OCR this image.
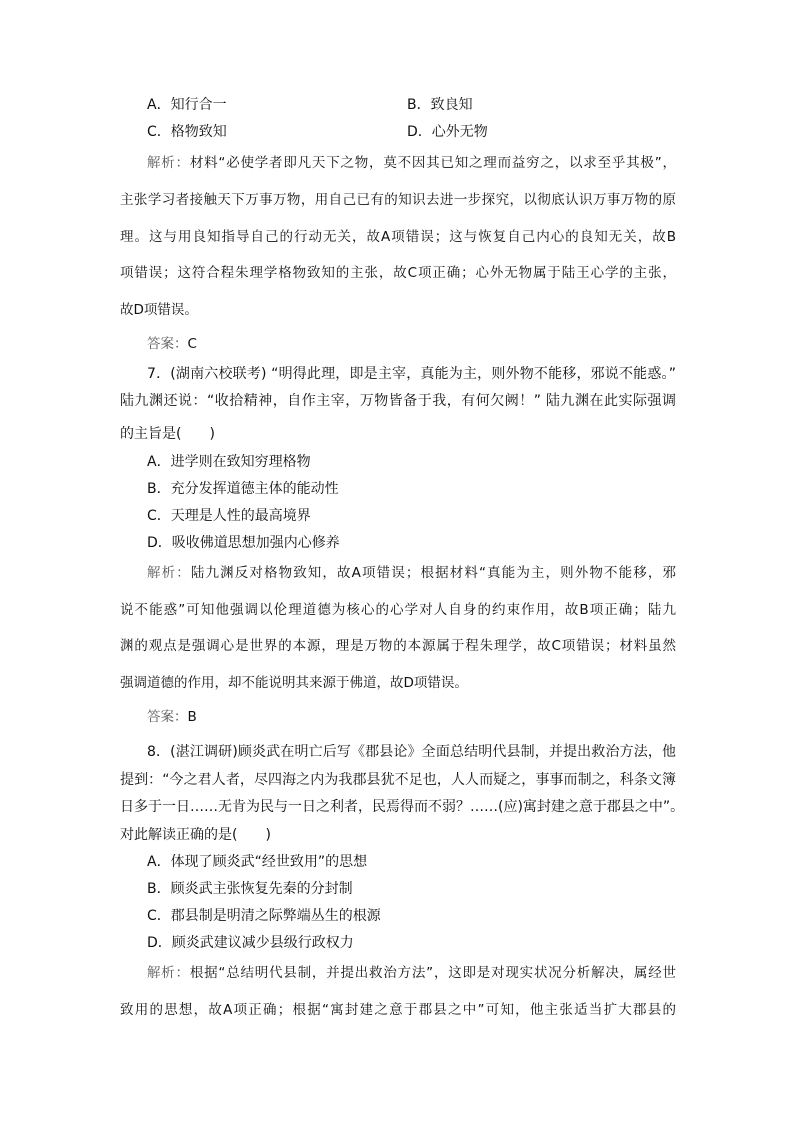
A．知行合一	B．致良知
C．格物致知	D．心外无物
解析：材料“必使学者即凡天下之物，莫不因其已知之理而益穷之，以求至乎其极”，
主张学习者接触天下万事万物，用自己已有的知识去进一步探究，以彻底认识万事万物的原
理。这与用良知指导自己的行动无关，故A项错误；这与恢复自己内心的良知无关，故B
项错误；这符合程朱理学格物致知的主张，故C项正确；心外无物属于陆王心学的主张，
故D项错误。
答案：C
7．(湖南六校联考) “明得此理，即是主宰，真能为主，则外物不能移，邪说不能惑。”
陆九渊还说：“收拾精神，自作主宰，万物皆备于我，有何欠阙！” 陆九渊在此实际强调
的主旨是(　　)
A．进学则在致知穷理格物
B．充分发挥道德主体的能动性
C．天理是人性的最高境界
D．吸收佛道思想加强内心修养
解析：陆九渊反对格物致知，故A项错误；根据材料“真能为主，则外物不能移，邪
说不能惑”可知他强调以伦理道德为核心的心学对人自身的约束作用，故B项正确；陆九
渊的观点是强调心是世界的本源，理是万物的本源属于程朱理学，故C项错误；材料虽然
强调道德的作用，却不能说明其来源于佛道，故D项错误。
答案：B
8．(湛江调研)顾炎武在明亡后写《郡县论》全面总结明代县制，并提出救治方法，他
提到：“今之君人者，尽四海之内为我郡县犹不足也，人人而疑之，事事而制之，科条文簿
日多于一日……无肯为民与一日之利者，民焉得而不弱？……(应)寓封建之意于郡县之中”。
对此解读正确的是(　　)
A．体现了顾炎武“经世致用”的思想
B．顾炎武主张恢复先秦的分封制
C．郡县制是明清之际弊端丛生的根源
D．顾炎武建议减少县级行政权力
解析：根据“总结明代县制，并提出救治方法”，这即是对现实状况分析解决，属经世
致用的思想，故A项正确；根据“寓封建之意于郡县之中”可知，他主张适当扩大郡县的
